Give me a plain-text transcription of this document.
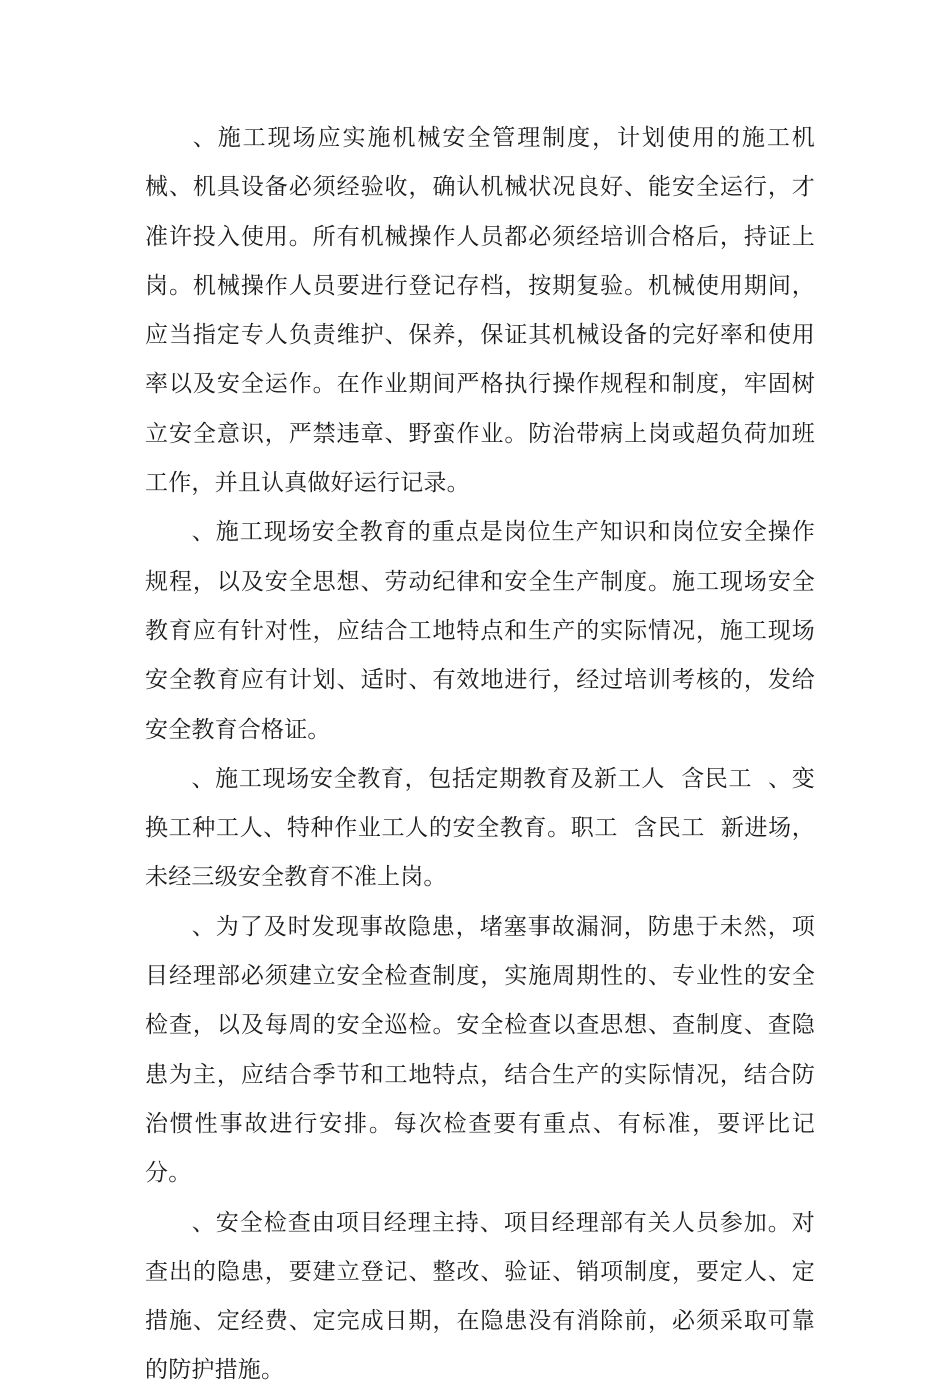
、施工现场应实施机械安全管理制度，计划使用的施工机械、机具设备必须经验收，确认机械状况良好、能安全运行，才准许投入使用。所有机械操作人员都必须经培训合格后，持证上岗。机械操作人员要进行登记存档，按期复验。机械使用期间，应当指定专人负责维护、保养，保证其机械设备的完好率和使用率以及安全运作。在作业期间严格执行操作规程和制度，牢固树立安全意识，严禁违章、野蛮作业。防治带病上岗或超负荷加班工作，并且认真做好运行记录。

、施工现场安全教育的重点是岗位生产知识和岗位安全操作规程，以及安全思想、劳动纪律和安全生产制度。施工现场安全教育应有针对性，应结合工地特点和生产的实际情况，施工现场安全教育应有计划、适时、有效地进行，经过培训考核的，发给安全教育合格证。

、施工现场安全教育，包括定期教育及新工人  含民工  、变换工种工人、特种作业工人的安全教育。职工  含民工  新进场，未经三级安全教育不准上岗。

、为了及时发现事故隐患，堵塞事故漏洞，防患于未然，项目经理部必须建立安全检查制度，实施周期性的、专业性的安全检查，以及每周的安全巡检。安全检查以查思想、查制度、查隐患为主，应结合季节和工地特点，结合生产的实际情况，结合防治惯性事故进行安排。每次检查要有重点、有标准，要评比记分。

、安全检查由项目经理主持、项目经理部有关人员参加。对查出的隐患，要建立登记、整改、验证、销项制度，要定人、定措施、定经费、定完成日期，在隐患没有消除前，必须采取可靠的防护措施。
